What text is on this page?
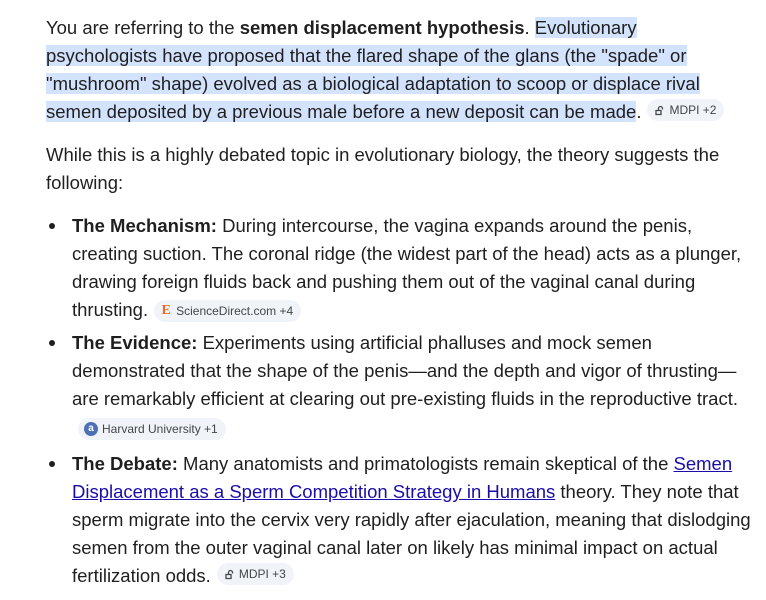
You are referring to the semen displacement hypothesis. Evolutionary psychologists have proposed that the flared shape of the glans (the "spade" or "mushroom" shape) evolved as a biological adaptation to scoop or displace rival semen deposited by a previous male before a new deposit can be made. MDPI +2

While this is a highly debated topic in evolutionary biology, the theory suggests the following:

The Mechanism: During intercourse, the vagina expands around the penis, creating suction. The coronal ridge (the widest part of the head) acts as a plunger, drawing foreign fluids back and pushing them out of the vaginal canal during thrusting. E ScienceDirect.com +4
The Evidence: Experiments using artificial phalluses and mock semen demonstrated that the shape of the penis—and the depth and vigor of thrusting—are remarkably efficient at clearing out pre-existing fluids in the reproductive tract.
a Harvard University +1
The Debate: Many anatomists and primatologists remain skeptical of the Semen Displacement as a Sperm Competition Strategy in Humans theory. They note that sperm migrate into the cervix very rapidly after ejaculation, meaning that dislodging semen from the outer vaginal canal later on likely has minimal impact on actual fertilization odds. MDPI +3
